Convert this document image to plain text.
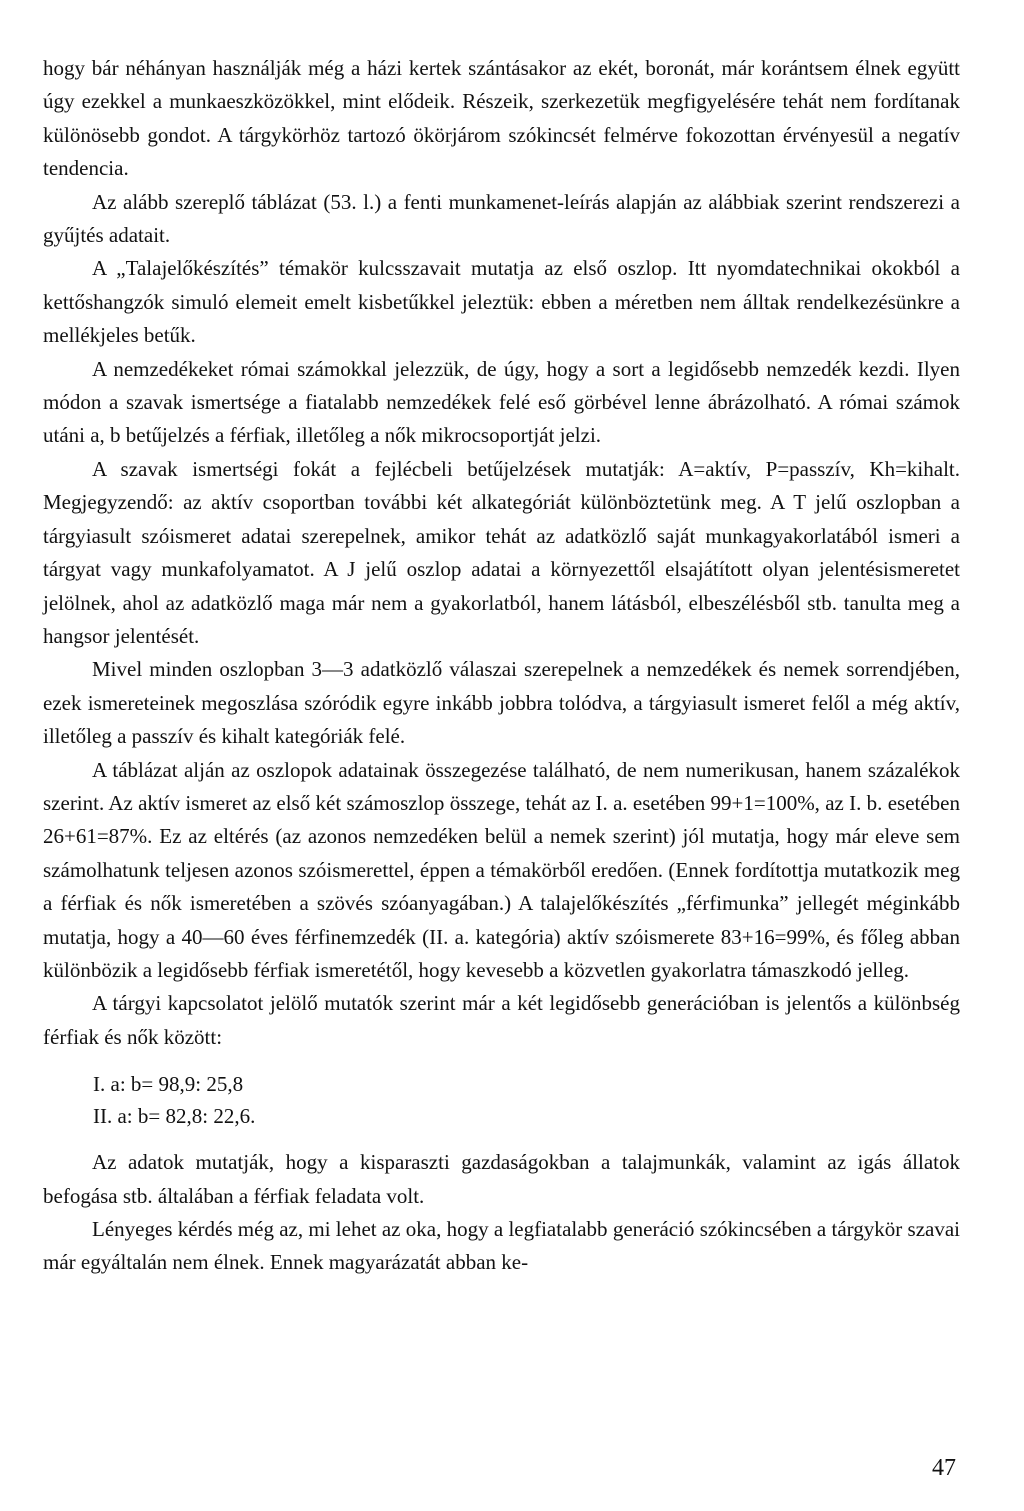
hogy bár néhányan használják még a házi kertek szántásakor az ekét, boronát, már korántsem élnek együtt úgy ezekkel a munkaeszközökkel, mint elődeik. Részeik, szerkezetük megfigyelésére tehát nem fordítanak különösebb gondot. A tárgykörhöz tartozó ökörjárom szókincsét felmérve fokozottan érvényesül a negatív tendencia.

Az alább szereplő táblázat (53. l.) a fenti munkamenet-leírás alapján az alábbiak szerint rendszerezi a gyűjtés adatait.

A „Talajelőkészítés” témakör kulcsszavait mutatja az első oszlop. Itt nyomdatechnikai okokból a kettőshangzók simuló elemeit emelt kisbetűkkel jeleztük: ebben a méretben nem álltak rendelkezésünkre a mellékjeles betűk.

A nemzedékeket római számokkal jelezzük, de úgy, hogy a sort a legidősebb nemzedék kezdi. Ilyen módon a szavak ismertsége a fiatalabb nemzedékek felé eső görbével lenne ábrázolható. A római számok utáni a, b betűjelzés a férfiak, illetőleg a nők mikrocsoportját jelzi.

A szavak ismertségi fokát a fejlécbeli betűjelzések mutatják: A=aktív, P=passzív, Kh=kihalt. Megjegyzendő: az aktív csoportban további két alkategóriát különböztetünk meg. A T jelű oszlopban a tárgyiasult szóismeret adatai szerepelnek, amikor tehát az adatközlő saját munkagyakorlatából ismeri a tárgyat vagy munkafolyamatot. A J jelű oszlop adatai a környezettől elsajátított olyan jelentésismeretet jelölnek, ahol az adatközlő maga már nem a gyakorlatból, hanem látásból, elbeszélésből stb. tanulta meg a hangsor jelentését.

Mivel minden oszlopban 3—3 adatközlő válaszai szerepelnek a nemzedékek és nemek sorrendjében, ezek ismereteinek megoszlása szóródik egyre inkább jobbra tolódva, a tárgyiasult ismeret felől a még aktív, illetőleg a passzív és kihalt kategóriák felé.

A táblázat alján az oszlopok adatainak összegezése található, de nem numerikusan, hanem százalékok szerint. Az aktív ismeret az első két számoszlop összege, tehát az I. a. esetében 99+1=100%, az I. b. esetében 26+61=87%. Ez az eltérés (az azonos nemzedéken belül a nemek szerint) jól mutatja, hogy már eleve sem számolhatunk teljesen azonos szóismerettel, éppen a témakörből eredően. (Ennek fordítottja mutatkozik meg a férfiak és nők ismeretében a szövés szóanyagában.) A talajelőkészítés „férfimunka” jellegét méginkább mutatja, hogy a 40—60 éves férfinemzedék (II. a. kategória) aktív szóismerete 83+16=99%, és főleg abban különbözik a legidősebb férfiak ismeretétől, hogy kevesebb a közvetlen gyakorlatra támaszkodó jelleg.

A tárgyi kapcsolatot jelölő mutatók szerint már a két legidősebb generációban is jelentős a különbség férfiak és nők között:

I. a: b= 98,9: 25,8
II. a: b= 82,8: 22,6.

Az adatok mutatják, hogy a kisparaszti gazdaságokban a talajmunkák, valamint az igás állatok befogása stb. általában a férfiak feladata volt.

Lényeges kérdés még az, mi lehet az oka, hogy a legfiatalabb generáció szókincsében a tárgykör szavai már egyáltalán nem élnek. Ennek magyarázatát abban ke-

47
